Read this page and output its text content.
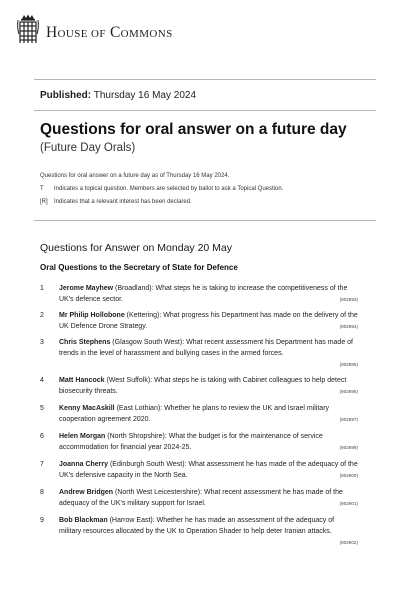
HOUSE OF COMMONS
Published: Thursday 16 May 2024
Questions for oral answer on a future day
(Future Day Orals)
Questions for oral answer on a future day as of Thursday 16 May 2024.
T	Indicates a topical question. Members are selected by ballot to ask a Topical Question.
[R]	Indicates that a relevant interest has been declared.
Questions for Answer on Monday 20 May
Oral Questions to the Secretary of State for Defence
1	Jerome Mayhew (Broadland): What steps he is taking to increase the competitiveness of the UK's defence sector.	(902893)
2	Mr Philip Hollobone (Kettering): What progress his Department has made on the delivery of the UK Defence Drone Strategy.	(902894)
3	Chris Stephens (Glasgow South West): What recent assessment his Department has made of trends in the level of harassment and bullying cases in the armed forces.
(902895)
4	Matt Hancock (West Suffolk): What steps he is taking with Cabinet colleagues to help detect biosecurity threats.	(902896)
5	Kenny MacAskill (East Lothian): Whether he plans to review the UK and Israel military cooperation agreement 2020.	(902897)
6	Helen Morgan (North Shropshire): What the budget is for the maintenance of service accommodation for financial year 2024-25.	(902899)
7	Joanna Cherry (Edinburgh South West): What assessment he has made of the adequacy of the UK's defensive capacity in the North Sea.	(902900)
8	Andrew Bridgen (North West Leicestershire): What recent assessment he has made of the adequacy of the UK's military support for Israel.	(902901)
9	Bob Blackman (Harrow East): Whether he has made an assessment of the adequacy of military resources allocated by the UK to Operation Shader to help deter Iranian attacks.
(902902)
